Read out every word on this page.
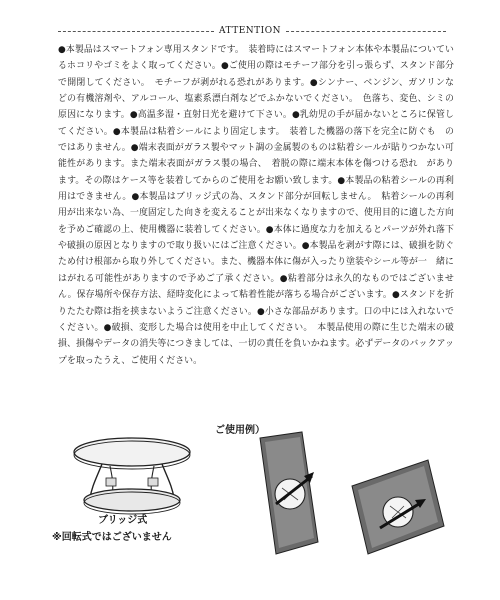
ATTENTION
●本製品はスマートフォン専用スタンドです。　装着時にはスマートフォン本体や本製品についているホコリやゴミをよく取ってください。●ご使用の際はモチーフ部分を引っ張らず、スタンド部分で開閉してください。　モチーフが剥がれる恐れがあります。●シンナー、ベンジン、ガソリンな　どの有機溶剤や、アルコール、塩素系漂白剤などでふかないでください。　色落ち、変色、シミの　原因になります。●高温多湿・直射日光を避けて下さい。●乳幼児の手が届かないところに保管してください。●本製品は粘着シールにより固定します。　装着した機器の落下を完全に防ぐも　のではありません。●端末表面がガラス製やマット調の金属製のものは粘着シールが貼りつかない可能性があります。また端末表面がガラス製の場合、　着脱の際に端末本体を傷つける恐れ　があります。その際はケース等を装着してからのご使用をお願い致します。●本製品の粘着シールの再利用はできません。●本製品はブリッジ式の為、スタンド部分が回転しません。　粘着シールの再利用が出来ない為、一度固定した向きを変えることが出来なくなりますので、使用目的に適した方向を予めご確認の上、使用機器に装着してください。●本体に過度な力を加えるとパーツが外れ落下　や破損の原因となりますので取り扱いにはご注意ください。●本製品を剥がす際には、破損を防ぐため付け根部から取り外してください。また、機器本体に傷が入ったり塗装やシール等が一　緒にはがれる可能性がありますので予めご了承ください。●粘着部分は永久的なものではございません。保存場所や保存方法、経時変化によって粘着性能が落ちる場合がございます。●スタンドを折りたたむ際は指を挟まないようご注意ください。●小さな部品があります。口の中には入れないでください。●破損、変形した場合は使用を中止してください。　本製品使用の際に生じた端末の破損、損傷やデータの消失等につきましては、一切の責任を負いかねます。必ずデータのバックアップを取ったうえ、ご使用ください。
ブリッジ式
※回転式ではございません
ご使用例）
